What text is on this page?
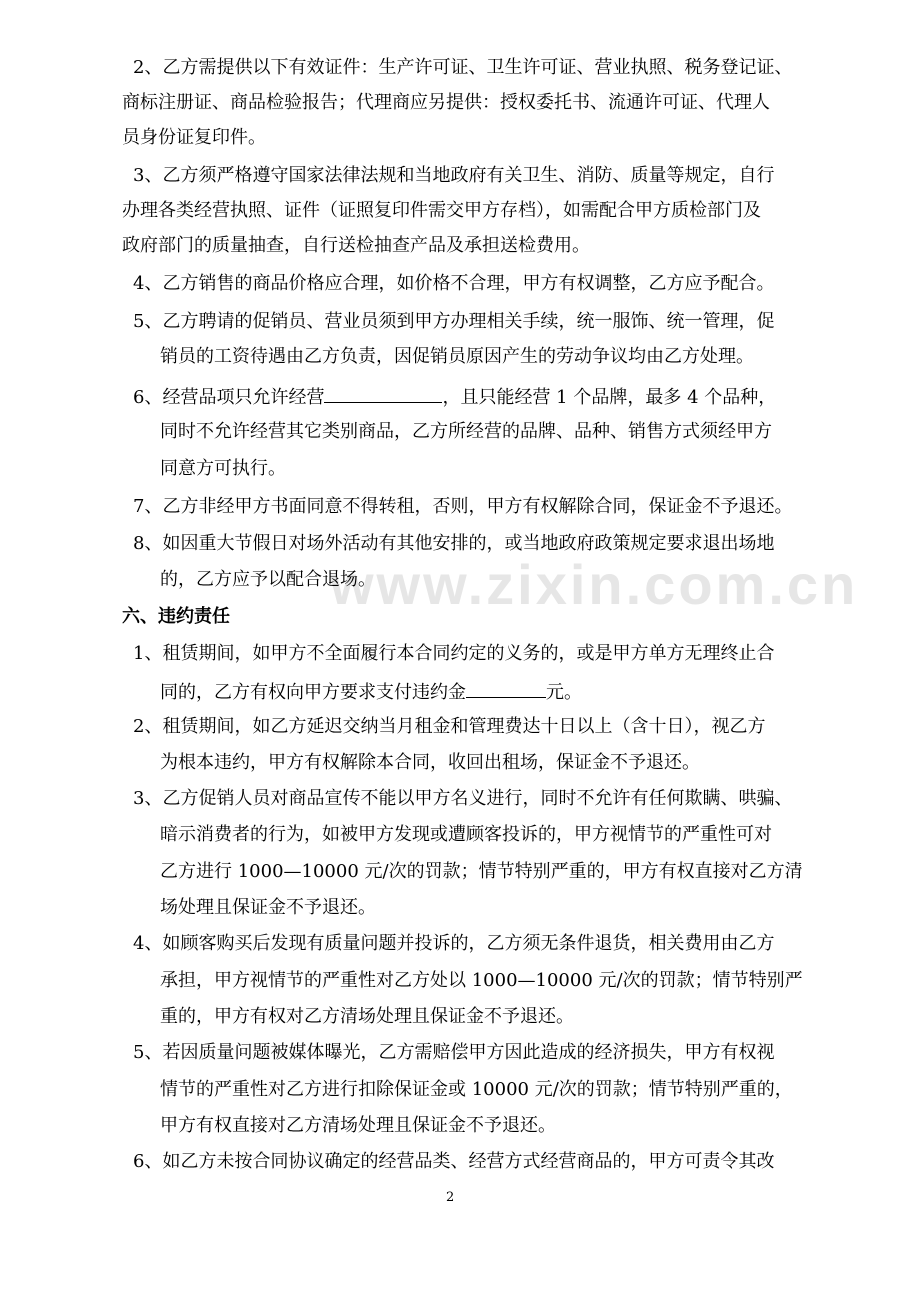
www.zixin.com.cn
2、乙方需提供以下有效证件：生产许可证、卫生许可证、营业执照、税务登记证、
商标注册证、商品检验报告；代理商应另提供：授权委托书、流通许可证、代理人
员身份证复印件。
3、乙方须严格遵守国家法律法规和当地政府有关卫生、消防、质量等规定，自行
办理各类经营执照、证件（证照复印件需交甲方存档），如需配合甲方质检部门及
政府部门的质量抽查，自行送检抽查产品及承担送检费用。
4、乙方销售的商品价格应合理，如价格不合理，甲方有权调整，乙方应予配合。
5、乙方聘请的促销员、营业员须到甲方办理相关手续，统一服饰、统一管理，促
销员的工资待遇由乙方负责，因促销员原因产生的劳动争议均由乙方处理。
6、经营品项只允许经营	，且只能经营 1 个品牌，最多 4 个品种，
同时不允许经营其它类别商品，乙方所经营的品牌、品种、销售方式须经甲方
同意方可执行。
7、乙方非经甲方书面同意不得转租，否则，甲方有权解除合同，保证金不予退还。
8、如因重大节假日对场外活动有其他安排的，或当地政府政策规定要求退出场地
的，乙方应予以配合退场。
六、违约责任
1、租赁期间，如甲方不全面履行本合同约定的义务的，或是甲方单方无理终止合
同的，乙方有权向甲方要求支付违约金	元。
2、租赁期间，如乙方延迟交纳当月租金和管理费达十日以上（含十日），视乙方
为根本违约，甲方有权解除本合同，收回出租场，保证金不予退还。
3、乙方促销人员对商品宣传不能以甲方名义进行，同时不允许有任何欺瞒、哄骗、
暗示消费者的行为，如被甲方发现或遭顾客投诉的，甲方视情节的严重性可对
乙方进行 1000—10000 元/次的罚款；情节特别严重的，甲方有权直接对乙方清
场处理且保证金不予退还。
4、如顾客购买后发现有质量问题并投诉的，乙方须无条件退货，相关费用由乙方
承担，甲方视情节的严重性对乙方处以 1000—10000 元/次的罚款；情节特别严
重的，甲方有权对乙方清场处理且保证金不予退还。
5、若因质量问题被媒体曝光，乙方需赔偿甲方因此造成的经济损失，甲方有权视
情节的严重性对乙方进行扣除保证金或 10000 元/次的罚款；情节特别严重的，
甲方有权直接对乙方清场处理且保证金不予退还。
6、如乙方未按合同协议确定的经营品类、经营方式经营商品的，甲方可责令其改
2
